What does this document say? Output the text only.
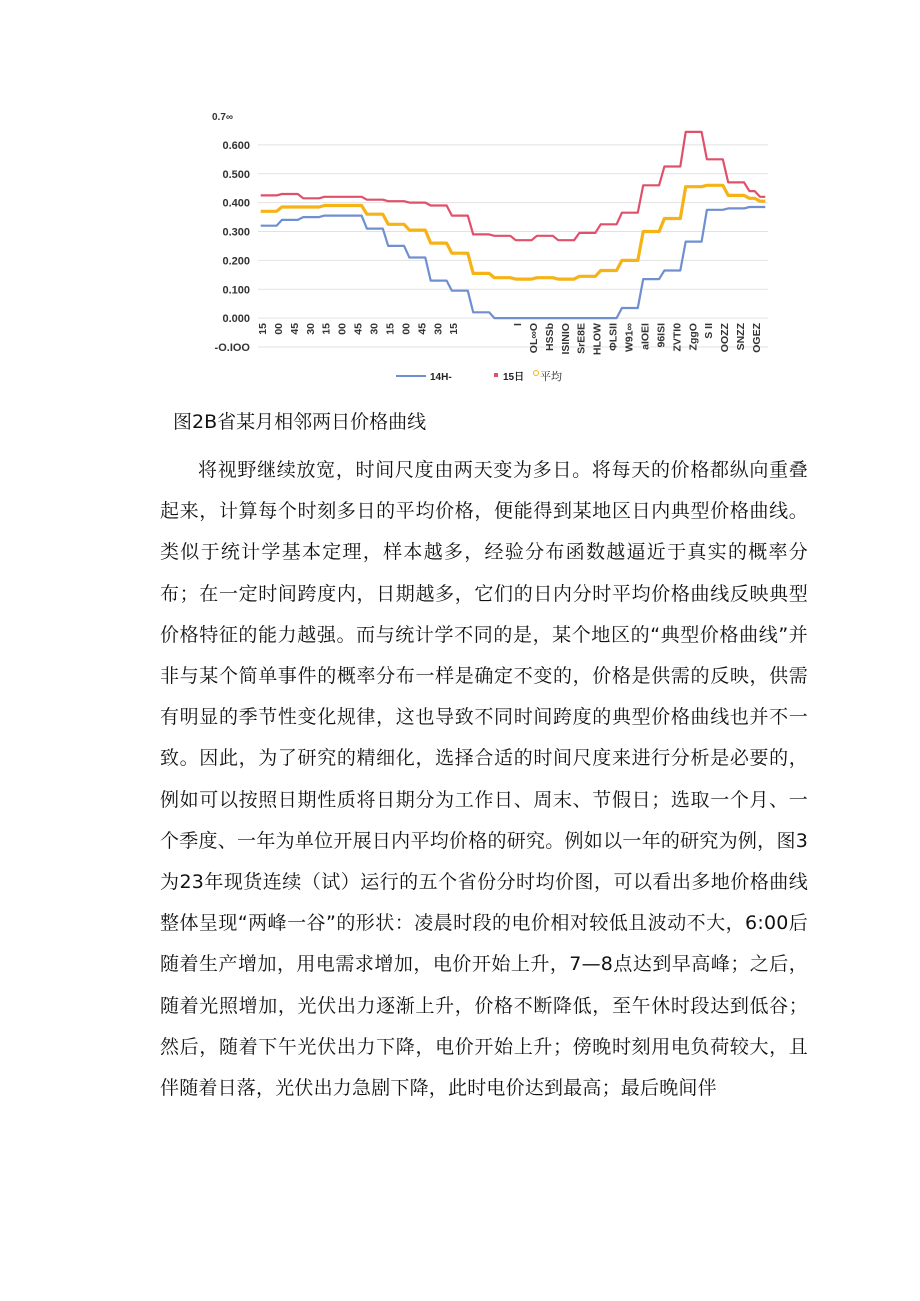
0.600
0.500
0.400
0.300
0.200
0.100
0.000
-O.IOO
0.7∞
15 00 45 30 15 00 45 30 15 00 45 30 15	I OL∞O HSSb ISINIO SrE8E HLOW ΦLSII W91∞ aIOEI 96ISI ZVTI0 ZggO S II OOZZ SNZZ OGEZ
14H-	15日 平均

图2B省某月相邻两日价格曲线

将视野继续放宽，时间尺度由两天变为多日。将每天的价格都纵向重叠起来，计算每个时刻多日的平均价格，便能得到某地区日内典型价格曲线。类似于统计学基本定理，样本越多，经验分布函数越逼近于真实的概率分布；在一定时间跨度内，日期越多，它们的日内分时平均价格曲线反映典型价格特征的能力越强。而与统计学不同的是，某个地区的“典型价格曲线”并非与某个简单事件的概率分布一样是确定不变的，价格是供需的反映，供需有明显的季节性变化规律，这也导致不同时间跨度的典型价格曲线也并不一致。因此，为了研究的精细化，选择合适的时间尺度来进行分析是必要的，例如可以按照日期性质将日期分为工作日、周末、节假日；选取一个月、一个季度、一年为单位开展日内平均价格的研究。例如以一年的研究为例，图3为23年现货连续（试）运行的五个省份分时均价图，可以看出多地价格曲线整体呈现“两峰一谷”的形状：凌晨时段的电价相对较低且波动不大，6:00后随着生产增加，用电需求增加，电价开始上升，7—8点达到早高峰；之后，随着光照增加，光伏出力逐渐上升，价格不断降低，至午休时段达到低谷；然后，随着下午光伏出力下降，电价开始上升；傍晚时刻用电负荷较大，且伴随着日落，光伏出力急剧下降，此时电价达到最高；最后晚间伴
